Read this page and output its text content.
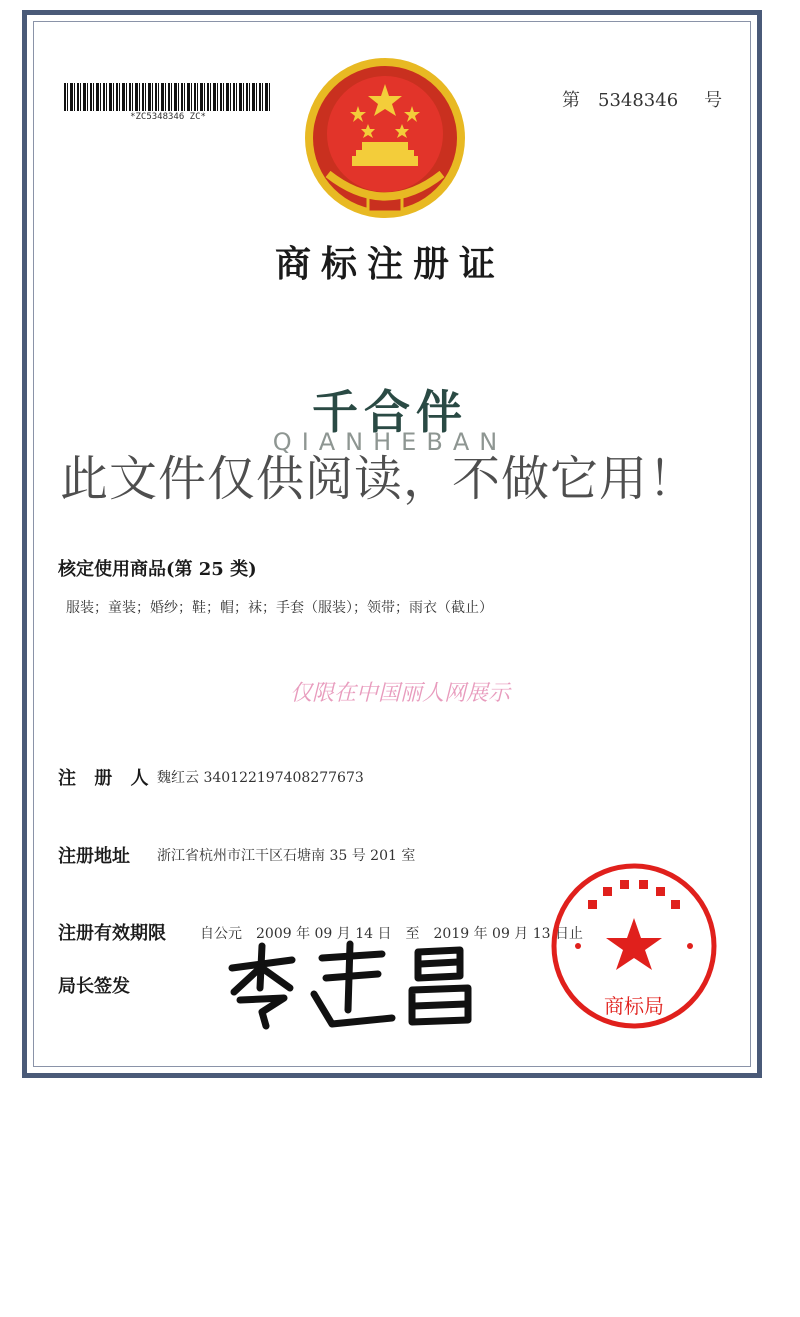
*ZC5348346 ZC*
第 5348346 号
商标注册证
千合伴
QIANHEBAN
此文件仅供阅读，不做它用！
核定使用商品(第 25 类)
服装；童装；婚纱；鞋；帽；袜；手套（服装）；领带；雨衣（截止）
仅限在中国丽人网展示
注 册 人 魏红云 340122197408277673
注册地址 浙江省杭州市江干区石塘南 35 号 201 室
注册有效期限 自公元 2009 年 09 月 14 日 至 2019 年 09 月 13 日止
局长签发
商标局
